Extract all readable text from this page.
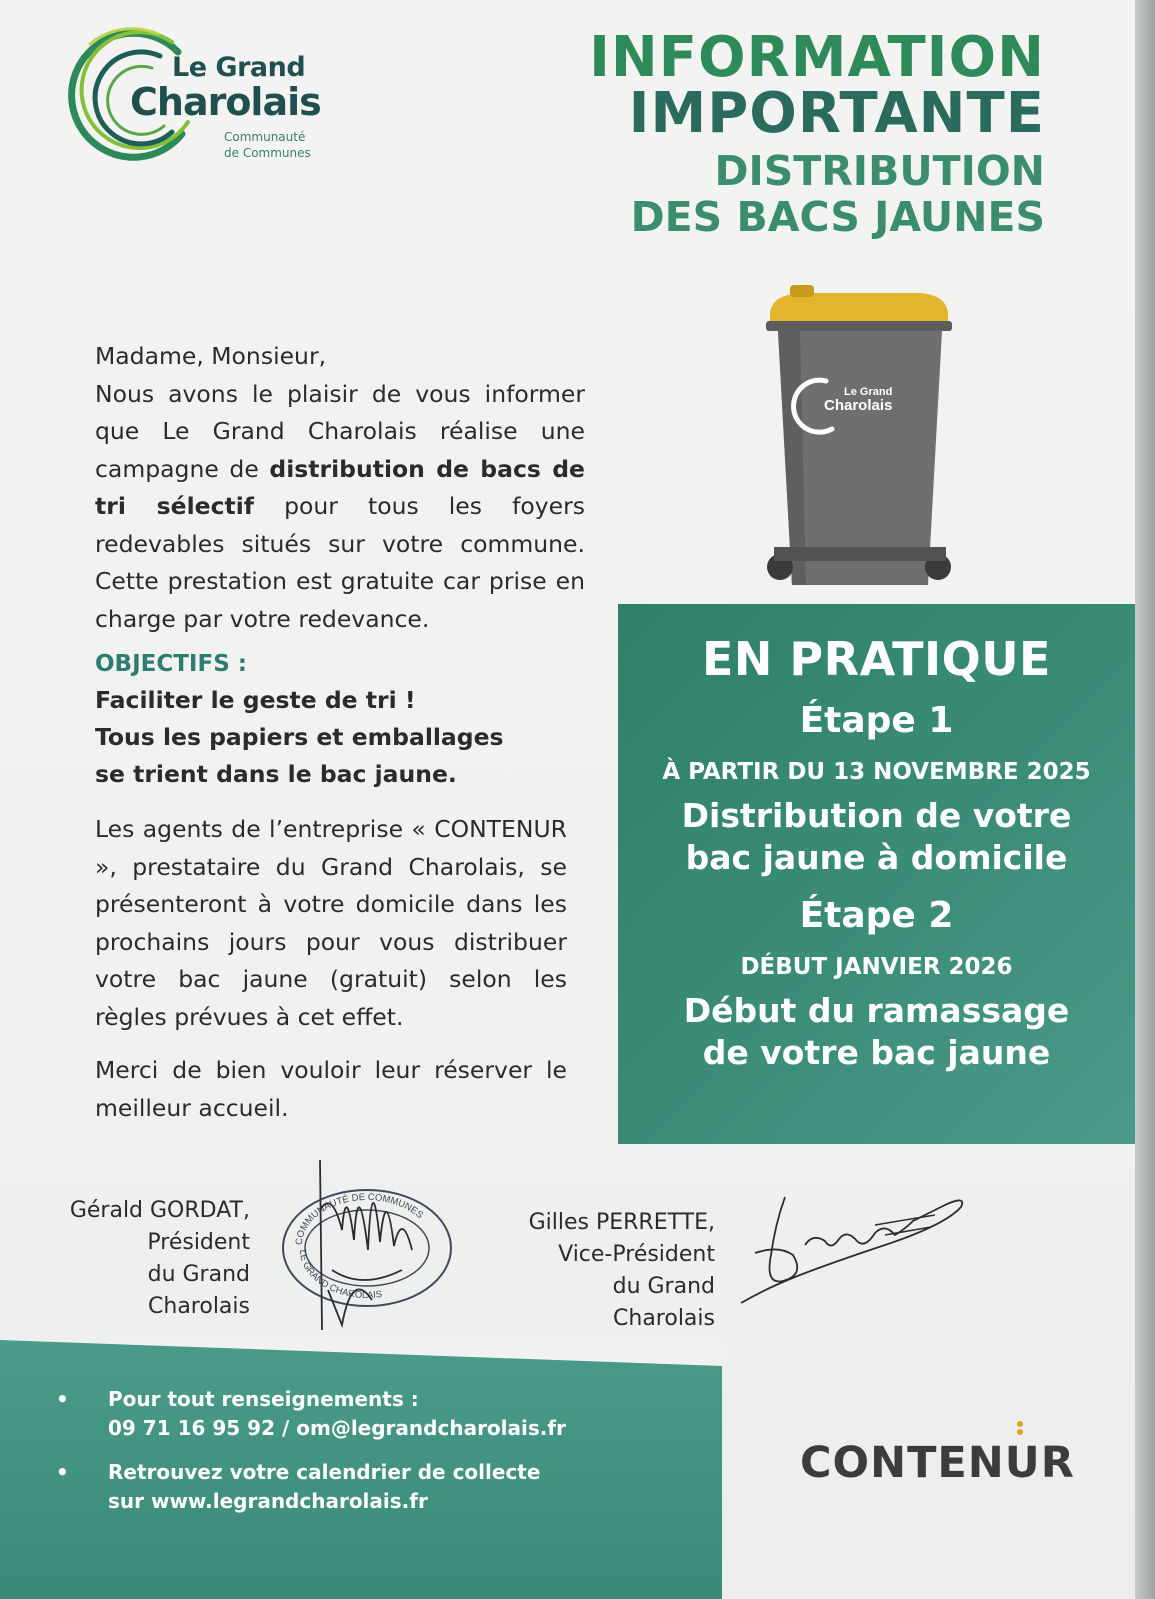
Le Grand
Charolais
Communauté
de Communes
INFORMATION
IMPORTANTE
DISTRIBUTION
DES BACS JAUNES
Le Grand
Charolais

Madame, Monsieur,

Nous avons le plaisir de vous informer que Le Grand Charolais réalise une campagne de distribution de bacs de tri sélectif pour tous les foyers redevables situés sur votre commune. Cette prestation est gratuite car prise en charge par votre redevance.

OBJECTIFS :
Faciliter le geste de tri !
Tous les papiers et emballages
se trient dans le bac jaune.

Les agents de l’entreprise « CONTENUR », prestataire du Grand Charolais, se présenteront à votre domicile dans les prochains jours pour vous distribuer votre bac jaune (gratuit) selon les règles prévues à cet effet.

Merci de bien vouloir leur réserver le meilleur accueil.

EN PRATIQUE
Étape 1
À PARTIR DU 13 NOVEMBRE 2025
Distribution de votre
bac jaune à domicile
Étape 2
DÉBUT JANVIER 2026
Début du ramassage
de votre bac jaune
Gérald GORDAT,
Président
du Grand Charolais
COMMUNAUTÉ DE COMMUNES
LE GRAND CHAROLAIS
Gilles PERRETTE,
Vice-Président
du Grand Charolais
• Pour tout renseignements :
09 71 16 95 92 / om@legrandcharolais.fr
• Retrouvez votre calendrier de collecte
sur www.legrandcharolais.fr
CONTENUR
